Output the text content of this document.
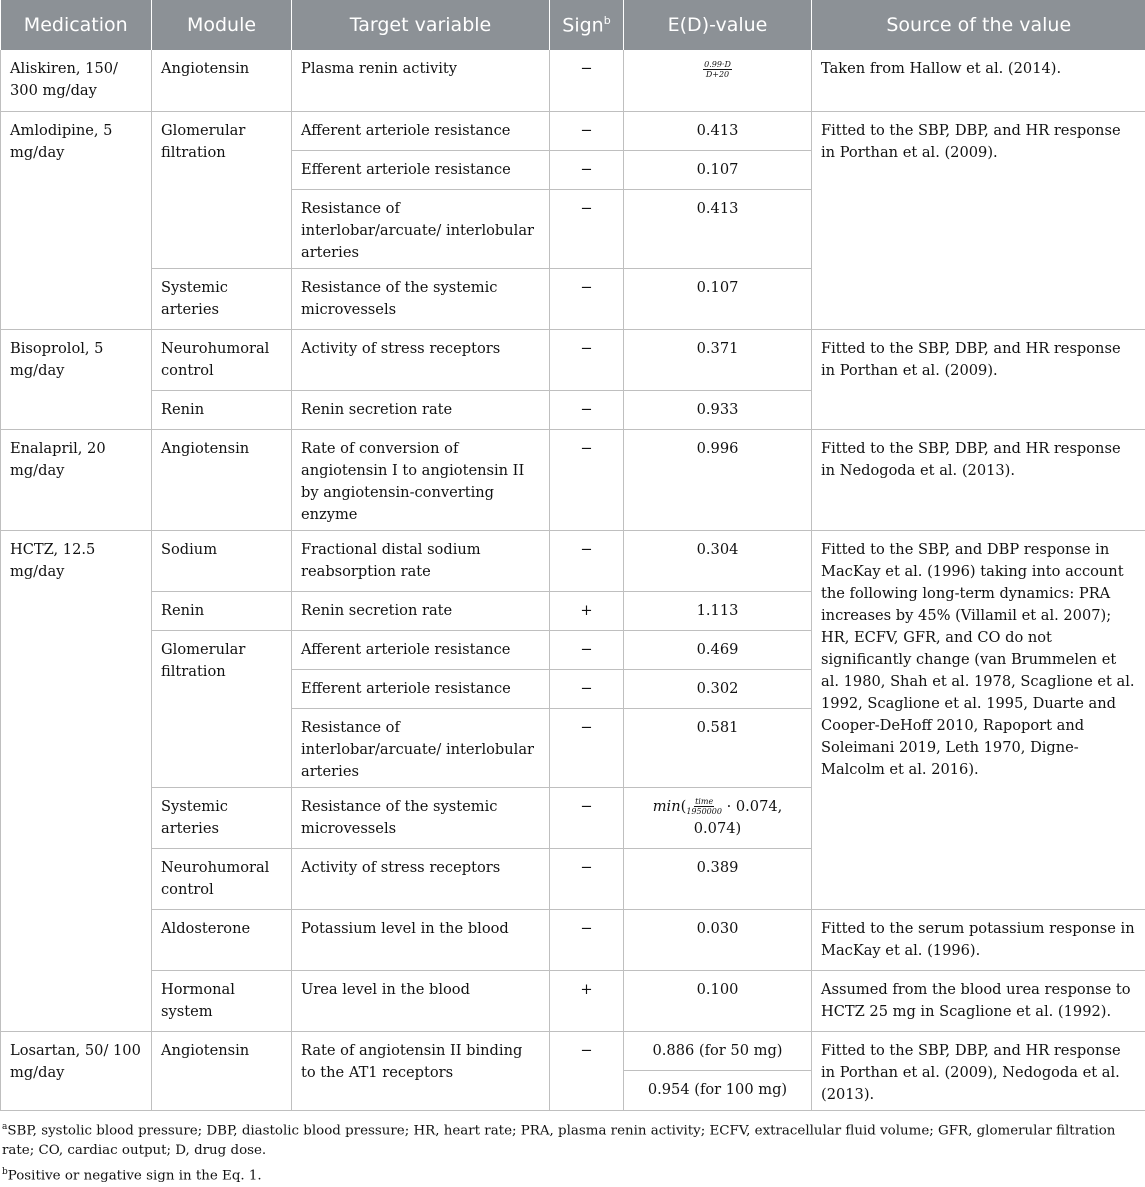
Medication	Module	Target variable	Sign$^b$	E(D)-value	Source of the value
Aliskiren, 150/ 300 mg/day	Angiotensin	Plasma renin activity	−	$\frac{0.99\cdot D}{D+20}$	Taken from Hallow et al. (2014).
Amlodipine, 5 mg/day	Glomerular filtration	Afferent arteriole resistance	−	0.413	Fitted to the SBP, DBP, and HR response in Porthan et al. (2009).
		Efferent arteriole resistance	−	0.107	
		Resistance of interlobar/arcuate/ interlobular arteries	−	0.413	
	Systemic arteries	Resistance of the systemic microvessels	−	0.107	
Bisoprolol, 5 mg/day	Neurohumoral control	Activity of stress receptors	−	0.371	Fitted to the SBP, DBP, and HR response in Porthan et al. (2009).
	Renin	Renin secretion rate	−	0.933	
Enalapril, 20 mg/day	Angiotensin	Rate of conversion of angiotensin I to angiotensin II by angiotensin-converting enzyme	−	0.996	Fitted to the SBP, DBP, and HR response in Nedogoda et al. (2013).
HCTZ, 12.5 mg/day	Sodium	Fractional distal sodium reabsorption rate	−	0.304	Fitted to the SBP, and DBP response in MacKay et al. (1996) taking into account the following long-term dynamics: PRA increases by 45% (Villamil et al. 2007); HR, ECFV, GFR, and CO do not significantly change (van Brummelen et al. 1980, Shah et al. 1978, Scaglione et al. 1992, Scaglione et al. 1995, Duarte and Cooper-DeHoff 2010, Rapoport and Soleimani 2019, Leth 1970, Digne-Malcolm et al. 2016).
	Renin	Renin secretion rate	+	1.113	
	Glomerular filtration	Afferent arteriole resistance	−	0.469	
		Efferent arteriole resistance	−	0.302	
		Resistance of interlobar/arcuate/ interlobular arteries	−	0.581	
	Systemic arteries	Resistance of the systemic microvessels	−	$\min( \frac{\text{time}}{1950000} \cdot 0.074$, 0.074)	
	Neurohumoral control	Activity of stress receptors	−	0.389	
	Aldosterone	Potassium level in the blood	−	0.030	Fitted to the serum potassium response in MacKay et al. (1996).
	Hormonal system	Urea level in the blood	+	0.100	Assumed from the blood urea response to HCTZ 25 mg in Scaglione et al. (1992).
Losartan, 50/ 100 mg/day	Angiotensin	Rate of angiotensin II binding to the AT1 receptors	−	0.886 (for 50 mg)	Fitted to the SBP, DBP, and HR response in Porthan et al. (2009), Nedogoda et al. (2013).
				0.954 (for 100 mg)	

$^a$SBP, systolic blood pressure; DBP, diastolic blood pressure; HR, heart rate; PRA, plasma renin activity; ECFV, extracellular fluid volume; GFR, glomerular filtration rate; CO, cardiac output; D, drug dose.

$^b$Positive or negative sign in the Eq. 1.
